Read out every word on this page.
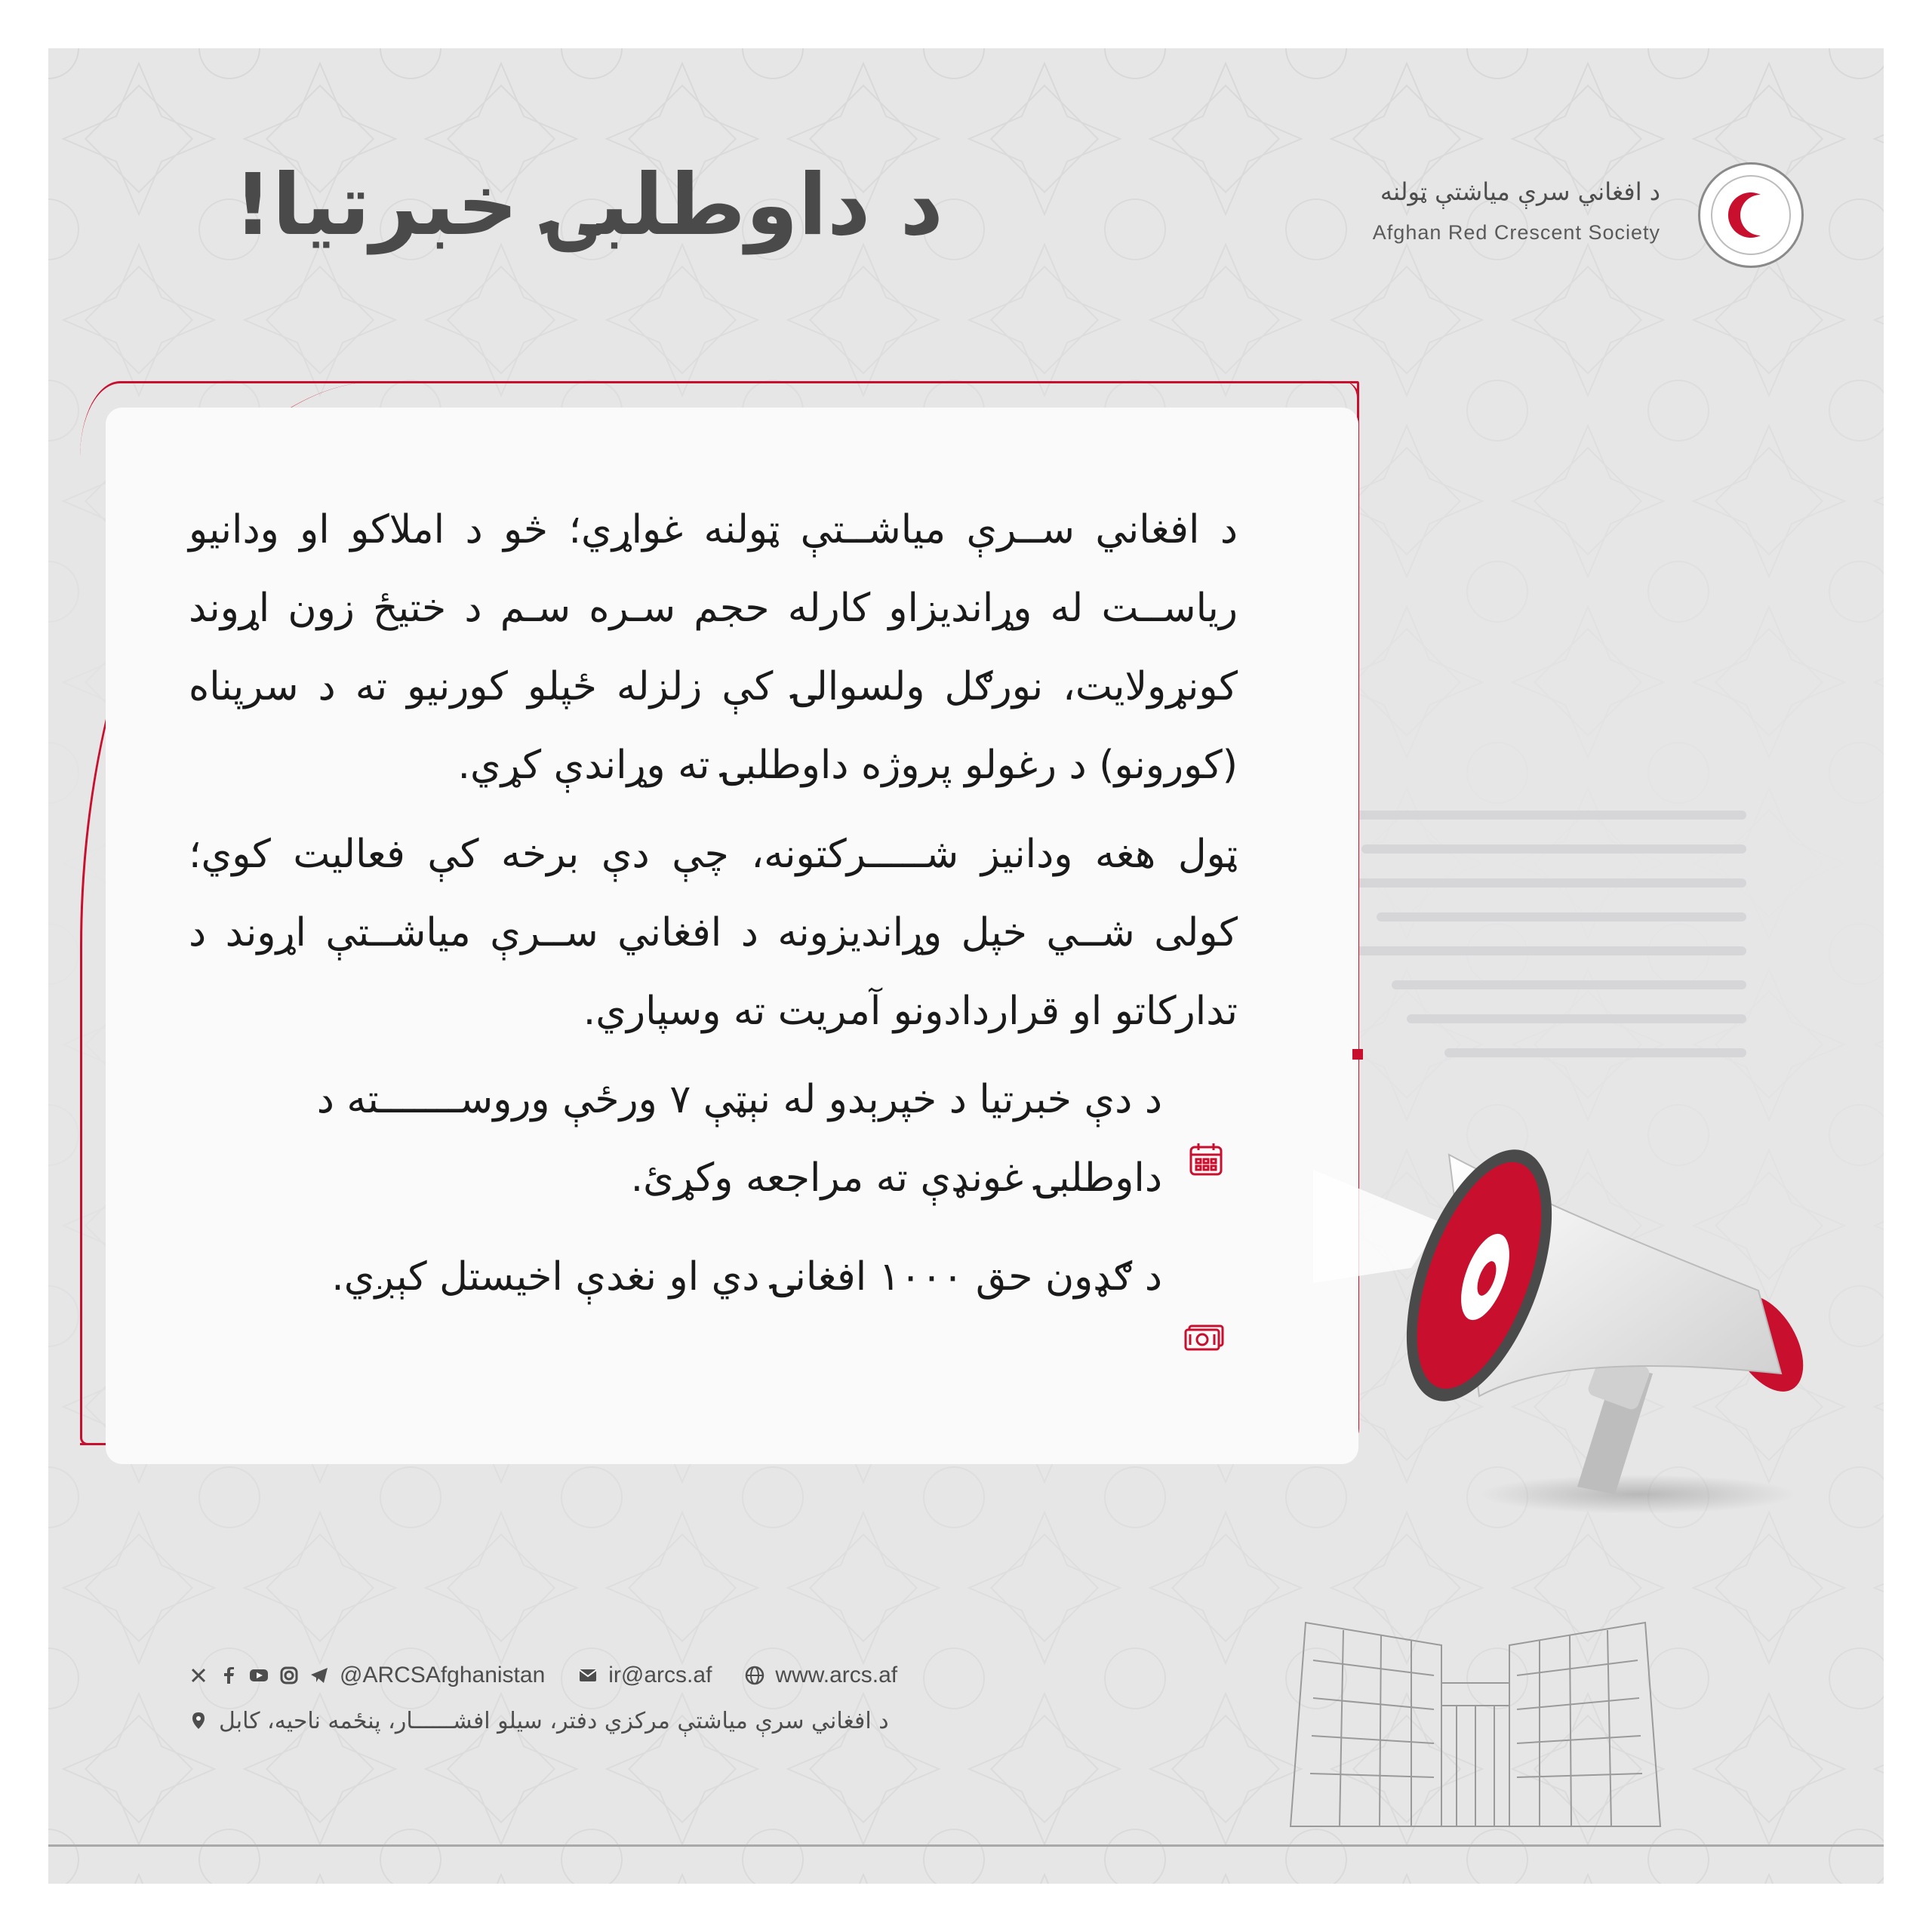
د داوطلبۍ خبرتیا!	د افغاني سرې میاشتې ټولنه
Afghan Red Crescent Society
د افغاني ســرې میاشــتې ټولنه غواړي؛ څو د املاکو او ودانیو ریاســت له وړاندیزاو کارله حجم سـره سـم د ختیځ زون اړوند کونړولایت، نورګل ولسوالۍ کې زلزله ځپلو کورنیو ته د سرپناه (کورونو) د رغولو پروژه داوطلبۍ ته وړاندې کړي.
ټول هغه ودانیز شـــــرکتونه، چې دې برخه کې فعالیت کوي؛ کولی شــي خپل وړاندیزونه د افغاني ســرې میاشــتې اړوند د تدارکاتو او قراردادونو آمریت ته وسپاري.
د دې خبرتیا د خپرېدو له نېټې ۷ ورځې وروســـــــته د داوطلبۍ غونډې ته مراجعه وکړئ.
د ګډون حق ۱۰۰۰ افغانۍ دي او نغدې اخیستل کېږي.
@ARCSAfghanistan	ir@arcs.af	www.arcs.af
د افغاني سرې میاشتې مرکزي دفتر، سیلو افشــــــار، پنځمه ناحیه، کابل
